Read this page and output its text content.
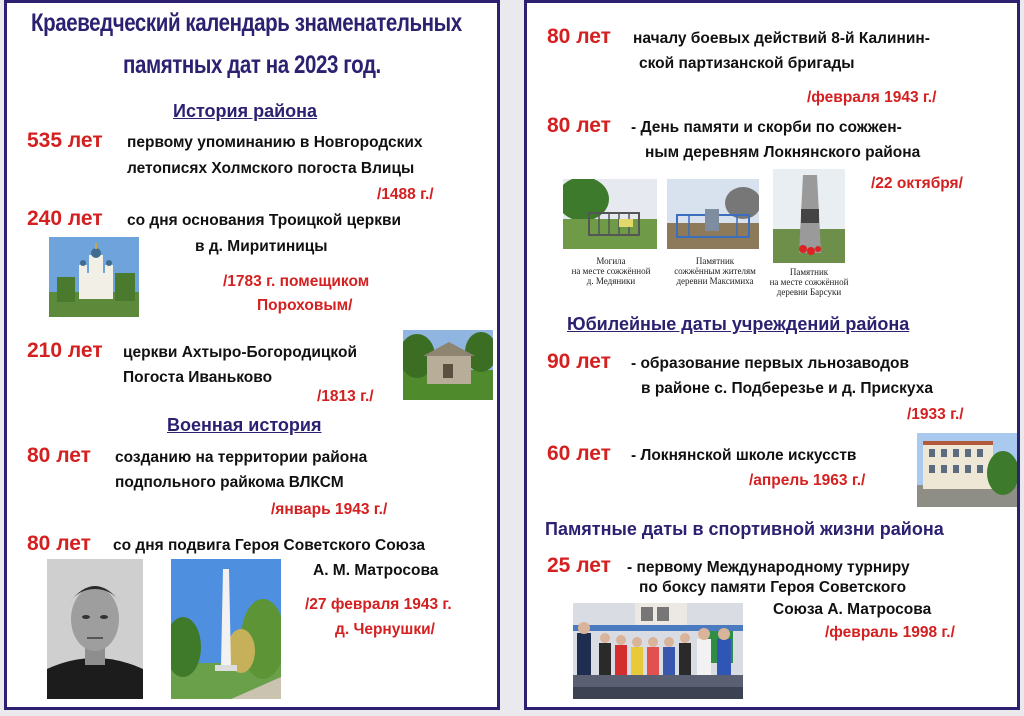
Краеведческий календарь знаменательных
памятных дат на 2023 год.
История района
535 лет первому упоминанию в Новгородских
летописях Холмского погоста Влицы
/1488 г./
240 лет со дня основания Троицкой церкви
в д. Миритиницы
/1783 г. помещиком
Пороховым/
210 лет церкви Ахтыро-Богородицкой
Погоста Иваньково
/1813 г./
Военная история
80 лет созданию на территории района
подпольного райкома ВЛКСМ
/январь 1943 г./
80 лет со дня подвига Героя Советского Союза
А. М. Матросова
/27 февраля 1943 г.
д. Чернушки/
80 лет началу боевых действий 8-й Калинин-
ской партизанской бригады
/февраля 1943 г./
80 лет - День памяти и скорби по сожжен-
ным деревням Локнянского района
/22 октября/
Могила
на месте сожжённой
д. Медяники
Памятник
сожжённым жителям
деревни Максимиха
Памятник
на месте сожжённой
деревни Барсуки
Юбилейные даты учреждений района
90 лет - образование первых льнозаводов
в районе с. Подберезье и д. Прискуха
/1933 г./
60 лет - Локнянской школе искусств
/апрель 1963 г./
Памятные даты в спортивной жизни района
25 лет - первому Международному турниру
по боксу памяти Героя Советского
Союза А. Матросова
/февраль 1998 г./
